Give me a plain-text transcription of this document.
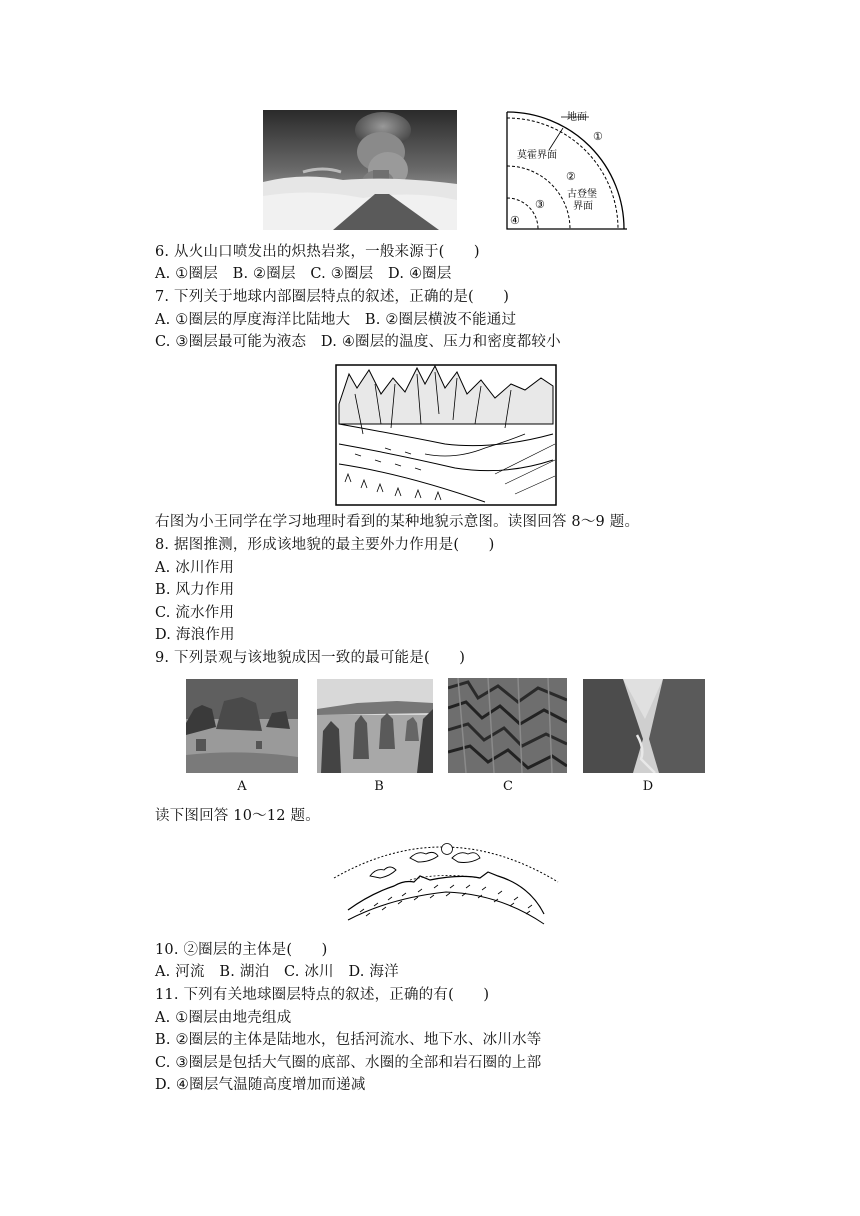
地面
莫霍界面
①
②
古登堡
界面
③
④
6. 从火山口喷发出的炽热岩浆，一般来源于(　　)
A. ①圈层　B. ②圈层　C. ③圈层　D. ④圈层
7. 下列关于地球内部圈层特点的叙述，正确的是(　　)
A. ①圈层的厚度海洋比陆地大　B. ②圈层横波不能通过
C. ③圈层最可能为液态　D. ④圈层的温度、压力和密度都较小
右图为小王同学在学习地理时看到的某种地貌示意图。读图回答 8～9 题。
8. 据图推测，形成该地貌的最主要外力作用是(　　)
A. 冰川作用
B. 风力作用
C. 流水作用
D. 海浪作用
9. 下列景观与该地貌成因一致的最可能是(　　)
A	B	C	D
读下图回答 10～12 题。
10. ②圈层的主体是(　　)
A. 河流　B. 湖泊　C. 冰川　D. 海洋
11. 下列有关地球圈层特点的叙述，正确的有(　　)
A. ①圈层由地壳组成
B. ②圈层的主体是陆地水，包括河流水、地下水、冰川水等
C. ③圈层是包括大气圈的底部、水圈的全部和岩石圈的上部
D. ④圈层气温随高度增加而递减
